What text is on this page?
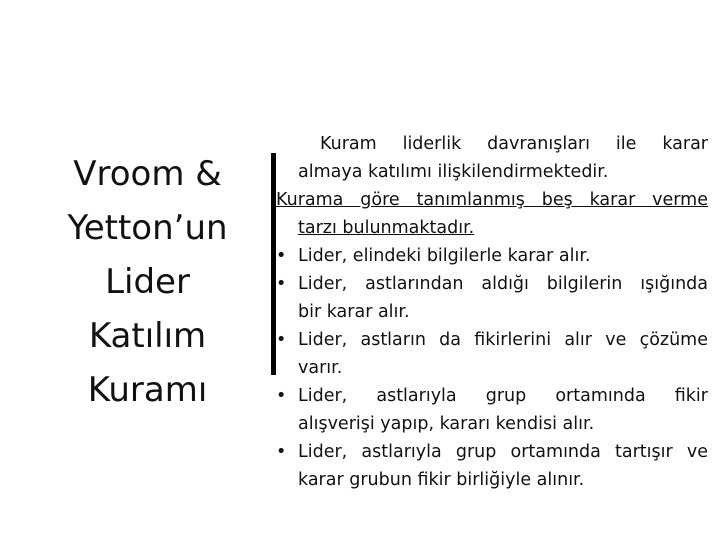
Vroom &
Yetton’un
Lider
Katılım
Kuramı
Kuram liderlik davranışları ile karar
almaya katılımı ilişkilendirmektedir.
Kurama göre tanımlanmış beş karar verme
tarzı bulunmaktadır.
• Lider, elindeki bilgilerle karar alır.
• Lider, astlarından aldığı bilgilerin ışığında
bir karar alır.
• Lider, astların da fikirlerini alır ve çözüme
varır.
• Lider, astlarıyla grup ortamında fikir
alışverişi yapıp, kararı kendisi alır.
• Lider, astlarıyla grup ortamında tartışır ve
karar grubun fikir birliğiyle alınır.
